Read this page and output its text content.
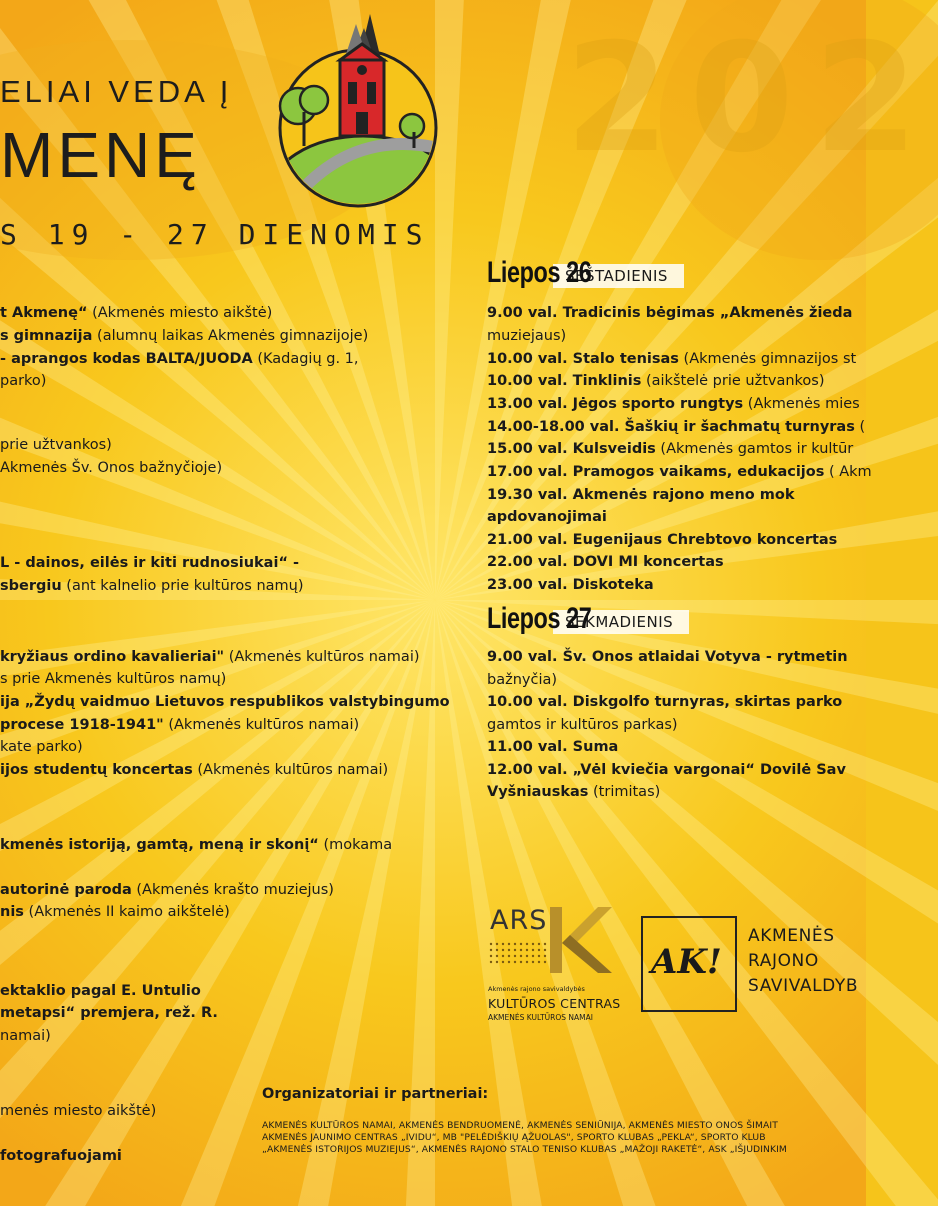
202
ELIAI VEDA Į
MENĘ
S 19 - 27 DIENOMIS
t Akmenę“ (Akmenės miesto aikštė)
s gimnazija (alumnų laikas Akmenės gimnazijoje)
- aprangos kodas BALTA/JUODA (Kadagių g. 1,
parko)
prie užtvankos)
Akmenės Šv. Onos bažnyčioje)
L - dainos, eilės ir kiti rudnosiukai“ -
sbergiu (ant kalnelio prie kultūros namų)
kryžiaus ordino kavalieriai" (Akmenės kultūros namai)
s prie Akmenės kultūros namų)
ija „Žydų vaidmuo Lietuvos respublikos valstybingumo
procese 1918-1941" (Akmenės kultūros namai)
kate parko)
ijos studentų koncertas (Akmenės kultūros namai)
kmenės istoriją, gamtą, meną ir skonį“ (mokama
autorinė paroda (Akmenės krašto muziejus)
nis (Akmenės II kaimo aikštelė)
ektaklio pagal E. Untulio
metapsi“ premjera, rež. R.
namai)
menės miesto aikštė)
fotografuojami
ŠEŠTADIENIS
Liepos 26
9.00 val. Tradicinis bėgimas „Akmenės žieda
muziejaus)
10.00 val. Stalo tenisas (Akmenės gimnazijos st
10.00 val. Tinklinis (aikštelė prie užtvankos)
13.00 val. Jėgos sporto rungtys (Akmenės mies
14.00-18.00 val. Šaškių ir šachmatų turnyras (
15.00 val. Kulsveidis (Akmenės gamtos ir kultūr
17.00 val. Pramogos vaikams, edukacijos ( Akm
19.30 val. Akmenės rajono meno mok
apdovanojimai
21.00 val. Eugenijaus Chrebtovo koncertas
22.00 val. DOVI MI koncertas
23.00 val. Diskoteka
SEKMADIENIS
Liepos 27
9.00 val. Šv. Onos atlaidai Votyva - rytmetin
bažnyčia)
10.00 val. Diskgolfo turnyras, skirtas parko
gamtos ir kultūros parkas)
11.00 val. Suma
12.00 val. „Vėl kviečia vargonai“ Dovilė Sav
Vyšniauskas (trimitas)
ARS
Akmenės rajono savivaldybės
KULTŪROS CENTRAS
AKMENĖS KULTŪROS NAMAI
AK!
AKMENĖS
RAJONO
SAVIVALDYB
Organizatoriai ir partneriai:
AKMENĖS KULTŪROS NAMAI, AKMENĖS BENDRUOMENĖ, AKMENĖS SENIŪNIJA, AKMENĖS MIESTO ONOS ŠIMAIT
AKMENĖS JAUNIMO CENTRAS „IVIDU“, MB "PELĖDIŠKIŲ ĄŽUOLAS", SPORTO KLUBAS „PEKLA“, SPORTO KLUB
„AKMENĖS ISTORIJOS MUZIEJUS“, AKMENĖS RAJONO STALO TENISO KLUBAS „MAŽOJI RAKETĖ“, ASK „IŠJUDINKIM
